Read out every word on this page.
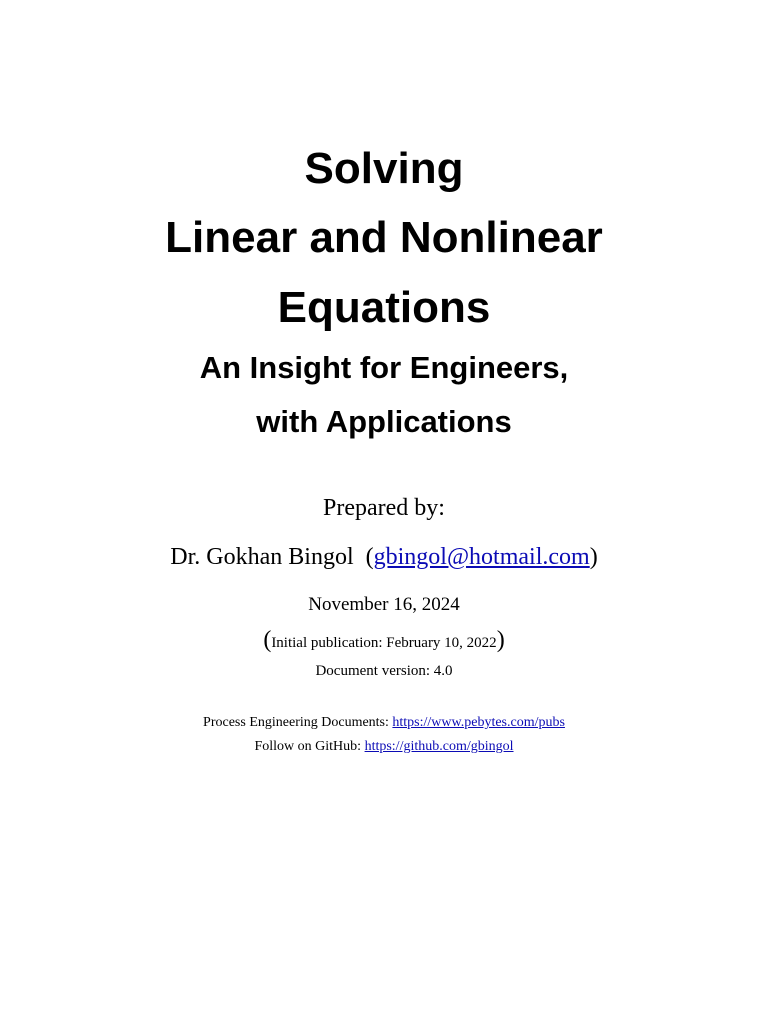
Solving
Linear and Nonlinear
Equations
An Insight for Engineers,
with Applications
Prepared by:
Dr. Gokhan Bingol  (gbingol@hotmail.com)
November 16, 2024
(Initial publication: February 10, 2022)
Document version: 4.0
Process Engineering Documents: https://www.pebytes.com/pubs
Follow on GitHub: https://github.com/gbingol
